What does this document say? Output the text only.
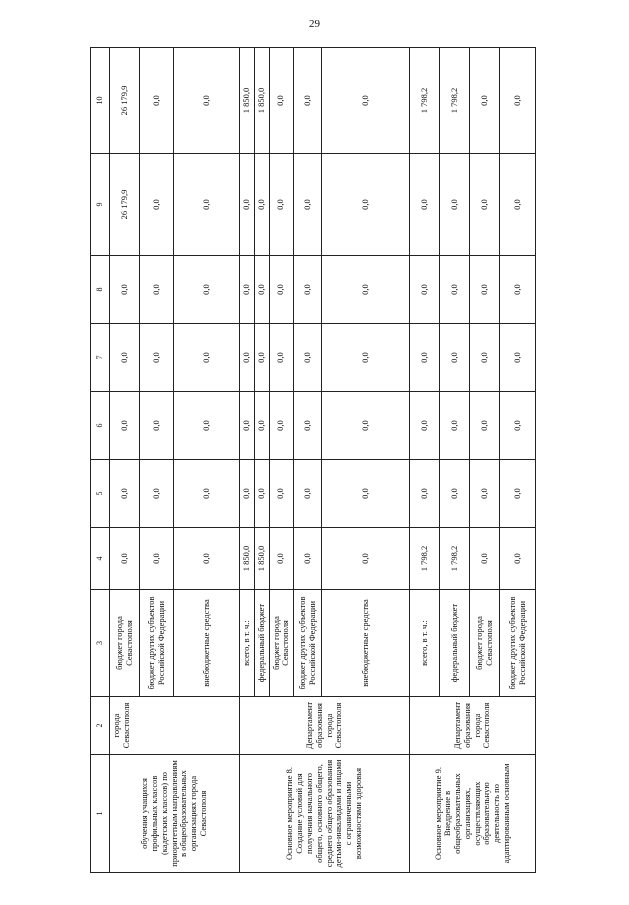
29
1	2	3	4	5	6	7	8	9	10
обучения учащихся профильных классов (кадетских классов) по приоритетным направлениям в общеобразовательных организациях города Севастополя	города Севастополя	бюджет города Севастополя	0,0	0,0	0,0	0,0	0,0	26 179,9	26 179,9
		бюджет других субъектов Российской Федерации	0,0	0,0	0,0	0,0	0,0	0,0	0,0
		внебюджетные средства	0,0	0,0	0,0	0,0	0,0	0,0	0,0
Основное мероприятие 8. Создание условий для получения начального общего, основного общего, среднего общего образования детьми-инвалидами и лицами с ограниченными возможностями здоровья	Департамент образования города Севастополя	всего, в т. ч.:	1 850,0	0,0	0,0	0,0	0,0	0,0	1 850,0
		федеральный бюджет	1 850,0	0,0	0,0	0,0	0,0	0,0	1 850,0
		бюджет города Севастополя	0,0	0,0	0,0	0,0	0,0	0,0	0,0
		бюджет других субъектов Российской Федерации	0,0	0,0	0,0	0,0	0,0	0,0	0,0
		внебюджетные средства	0,0	0,0	0,0	0,0	0,0	0,0	0,0
Основное мероприятие 9. Внедрение в общеобразовательных организациях, осуществляющих образовательную деятельность по адаптированным основным	Департамент образования города Севастополя	всего, в т. ч.:	1 798,2	0,0	0,0	0,0	0,0	0,0	1 798,2
		федеральный бюджет	1 798,2	0,0	0,0	0,0	0,0	0,0	1 798,2
		бюджет города Севастополя	0,0	0,0	0,0	0,0	0,0	0,0	0,0
		бюджет других субъектов Российской Федерации	0,0	0,0	0,0	0,0	0,0	0,0	0,0
